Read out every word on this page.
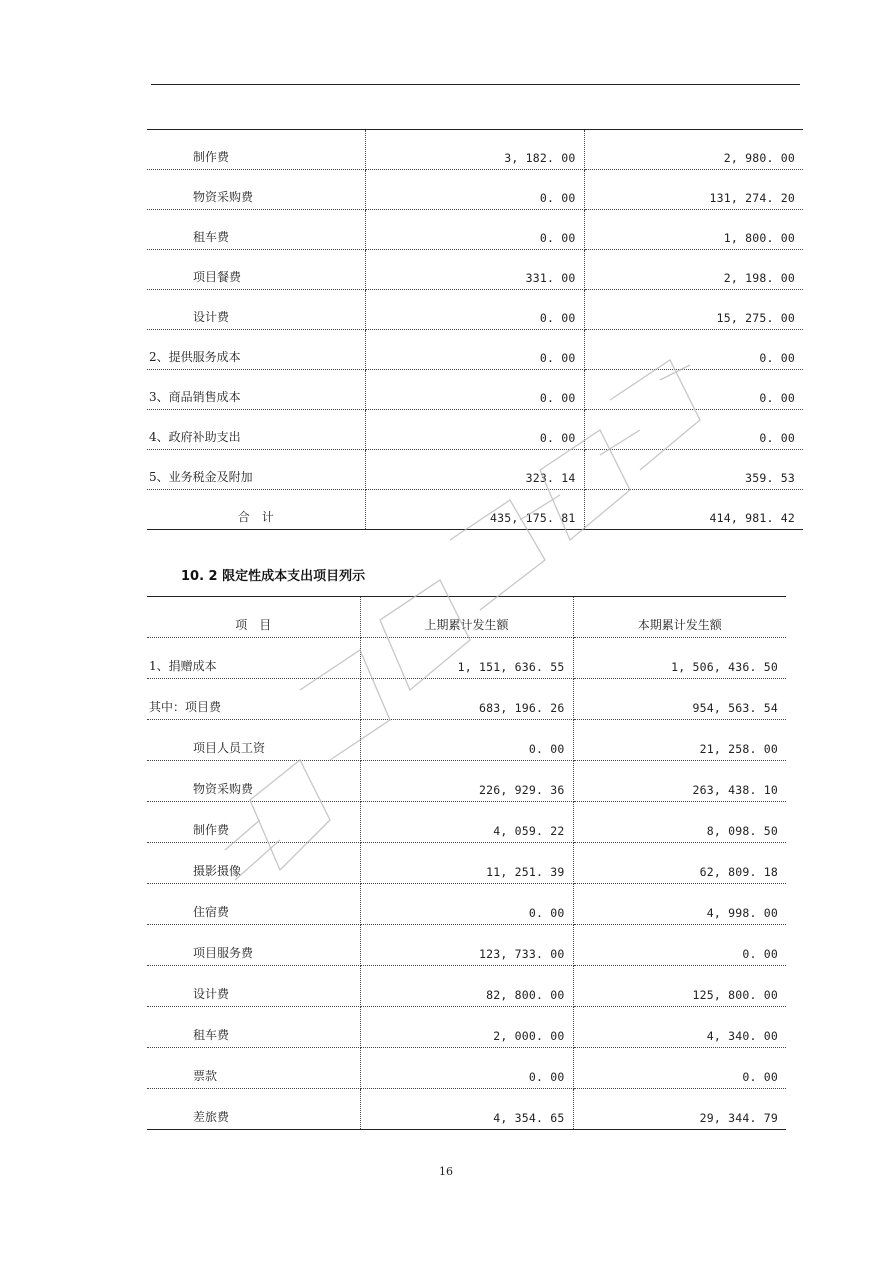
制作费	3, 182. 00	2, 980. 00
物资采购费	0. 00	131, 274. 20
租车费	0. 00	1, 800. 00
项目餐费	331. 00	2, 198. 00
设计费	0. 00	15, 275. 00
2、提供服务成本	0. 00	0. 00
3、商品销售成本	0. 00	0. 00
4、政府补助支出	0. 00	0. 00
5、业务税金及附加	323. 14	359. 53
合　计	435, 175. 81	414, 981. 42
10. 2 限定性成本支出项目列示
项　目	上期累计发生额	本期累计发生额
1、捐赠成本	1, 151, 636. 55	1, 506, 436. 50
其中：项目费	683, 196. 26	954, 563. 54
项目人员工资	0. 00	21, 258. 00
物资采购费	226, 929. 36	263, 438. 10
制作费	4, 059. 22	8, 098. 50
摄影摄像	11, 251. 39	62, 809. 18
住宿费	0. 00	4, 998. 00
项目服务费	123, 733. 00	0. 00
设计费	82, 800. 00	125, 800. 00
租车费	2, 000. 00	4, 340. 00
票款	0. 00	0. 00
差旅费	4, 354. 65	29, 344. 79
16
